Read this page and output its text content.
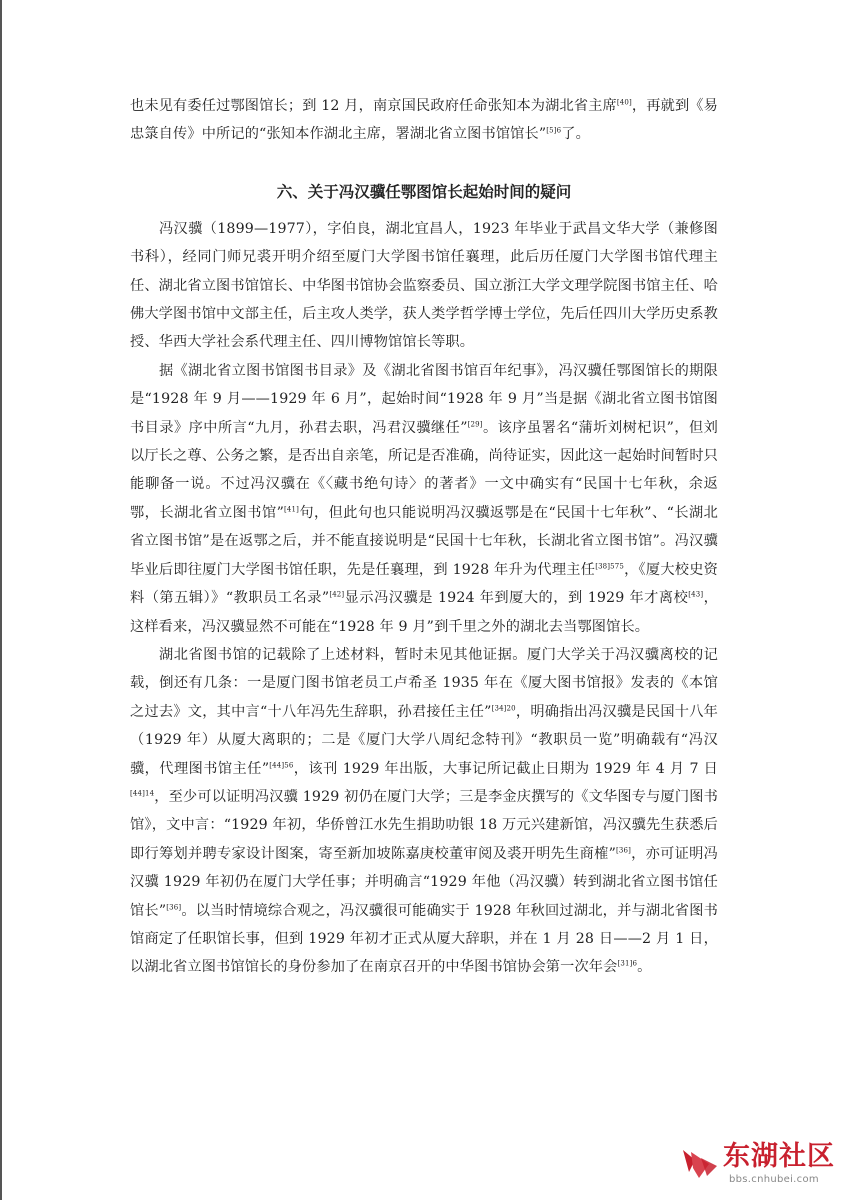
也未见有委任过鄂图馆长；到 12 月，南京国民政府任命张知本为湖北省主席[40]，再就到《易忠箓自传》中所记的“张知本作湖北主席，署湖北省立图书馆馆长”$^{[5]6}$了。

六、关于冯汉骥任鄂图馆长起始时间的疑问

冯汉骥（1899—1977），字伯良，湖北宜昌人，1923 年毕业于武昌文华大学（兼修图书科），经同门师兄裘开明介绍至厦门大学图书馆任襄理，此后历任厦门大学图书馆代理主任、湖北省立图书馆馆长、中华图书馆协会监察委员、国立浙江大学文理学院图书馆主任、哈佛大学图书馆中文部主任，后主攻人类学，获人类学哲学博士学位，先后任四川大学历史系教授、华西大学社会系代理主任、四川博物馆馆长等职。

据《湖北省立图书馆图书目录》及《湖北省图书馆百年纪事》，冯汉骥任鄂图馆长的期限是“1928 年 9 月——1929 年 6 月”，起始时间“1928 年 9 月”当是据《湖北省立图书馆图书目录》序中所言“九月，孙君去职，冯君汉骥继任”[29]。该序虽署名“蒲圻刘树杞识”，但刘以厅长之尊、公务之繁，是否出自亲笔，所记是否准确，尚待证实，因此这一起始时间暂时只能聊备一说。不过冯汉骥在《〈藏书绝句诗〉的著者》一文中确实有“民国十七年秋，余返鄂，长湖北省立图书馆”[41]句，但此句也只能说明冯汉骥返鄂是在“民国十七年秋”、“长湖北省立图书馆”是在返鄂之后，并不能直接说明是“民国十七年秋，长湖北省立图书馆”。冯汉骥毕业后即往厦门大学图书馆任职，先是任襄理，到 1928 年升为代理主任$^{[38]575}$，《厦大校史资料（第五辑）》“教职员工名录”[42]显示冯汉骥是 1924 年到厦大的，到 1929 年才离校[43]，这样看来，冯汉骥显然不可能在“1928 年 9 月”到千里之外的湖北去当鄂图馆长。

湖北省图书馆的记载除了上述材料，暂时未见其他证据。厦门大学关于冯汉骥离校的记载，倒还有几条：一是厦门图书馆老员工卢希圣 1935 年在《厦大图书馆报》发表的《本馆之过去》文，其中言“十八年冯先生辞职，孙君接任主任”$^{[34]20}$，明确指出冯汉骥是民国十八年（1929 年）从厦大离职的；二是《厦门大学八周纪念特刊》“教职员一览”明确载有“冯汉骥，代理图书馆主任”$^{[44]56}$，该刊 1929 年出版，大事记所记截止日期为 1929 年 4 月 7 日$^{[44]14}$，至少可以证明冯汉骥 1929 初仍在厦门大学；三是李金庆撰写的《文华图专与厦门图书馆》，文中言：“1929 年初，华侨曾江水先生捐助叻银 18 万元兴建新馆，冯汉骥先生获悉后即行筹划并聘专家设计图案，寄至新加坡陈嘉庚校董审阅及裘开明先生商榷”[36]，亦可证明冯汉骥 1929 年初仍在厦门大学任事；并明确言“1929 年他（冯汉骥）转到湖北省立图书馆任馆长”[36]。以当时情境综合观之，冯汉骥很可能确实于 1928 年秋回过湖北，并与湖北省图书馆商定了任职馆长事，但到 1929 年初才正式从厦大辞职，并在 1 月 28 日——2 月 1 日，以湖北省立图书馆馆长的身份参加了在南京召开的中华图书馆协会第一次年会$^{[31]6}$。

东湖社区
bbs.cnhubei.com
